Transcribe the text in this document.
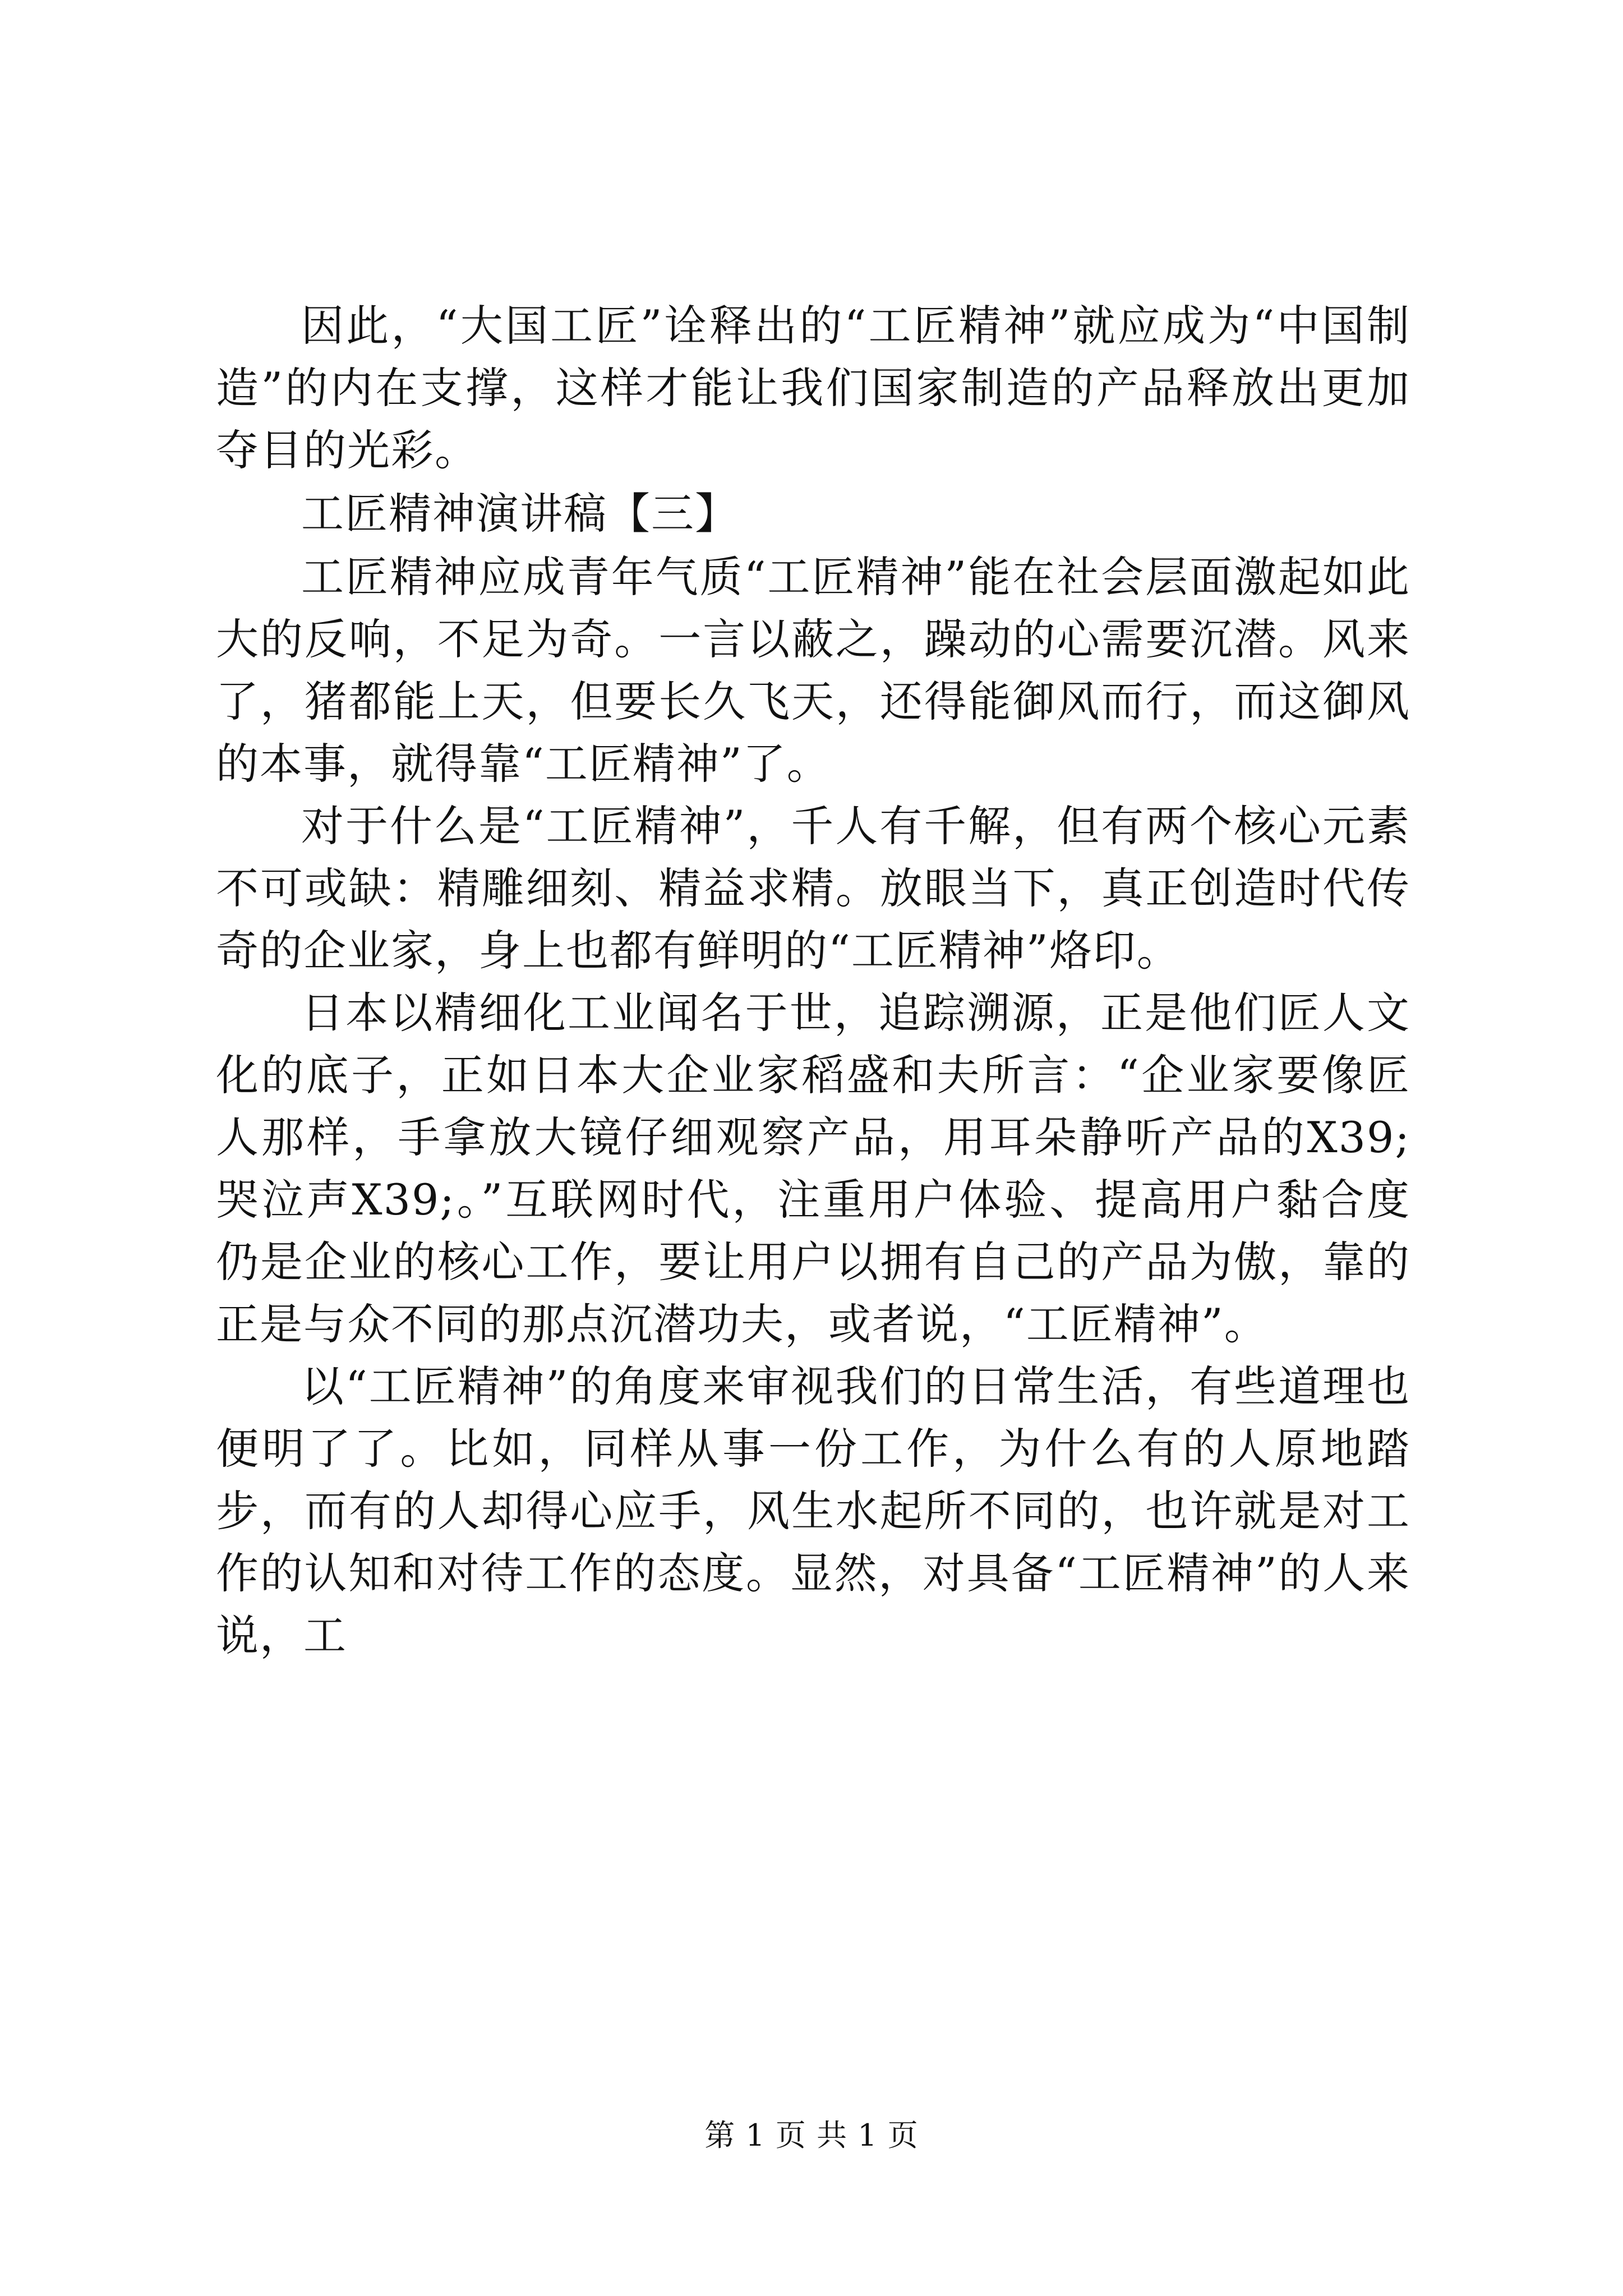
因此，“大国工匠”诠释出的“工匠精神”就应成为“中国制造”的内在支撑，这样才能让我们国家制造的产品释放出更加夺目的光彩。

工匠精神演讲稿【三】

工匠精神应成青年气质“工匠精神”能在社会层面激起如此大的反响，不足为奇。一言以蔽之，躁动的心需要沉潜。风来了，猪都能上天，但要长久飞天，还得能御风而行，而这御风的本事，就得靠“工匠精神”了。

对于什么是“工匠精神”，千人有千解，但有两个核心元素不可或缺：精雕细刻、精益求精。放眼当下，真正创造时代传奇的企业家，身上也都有鲜明的“工匠精神”烙印。

日本以精细化工业闻名于世，追踪溯源，正是他们匠人文化的底子，正如日本大企业家稻盛和夫所言：“企业家要像匠人那样，手拿放大镜仔细观察产品，用耳朵静听产品的X39;哭泣声X39;。”互联网时代，注重用户体验、提高用户黏合度仍是企业的核心工作，要让用户以拥有自己的产品为傲，靠的正是与众不同的那点沉潜功夫，或者说，“工匠精神”。

以“工匠精神”的角度来审视我们的日常生活，有些道理也便明了了。比如，同样从事一份工作，为什么有的人原地踏步，而有的人却得心应手，风生水起所不同的，也许就是对工作的认知和对待工作的态度。显然，对具备“工匠精神”的人来说，工

第 1 页 共 1 页
